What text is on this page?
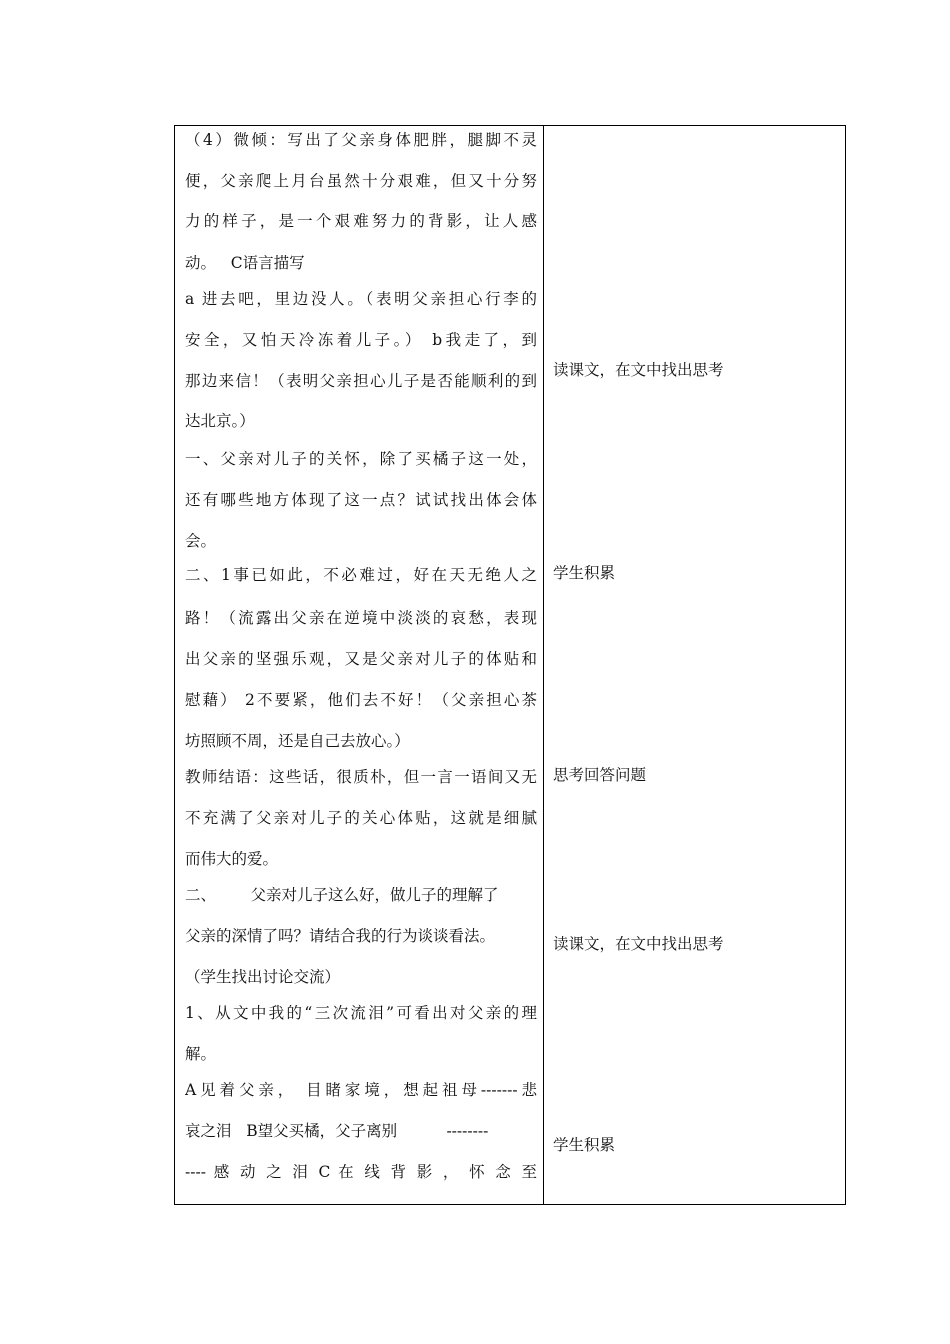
（4）微倾：写出了父亲身体肥胖，腿脚不灵
便，父亲爬上月台虽然十分艰难，但又十分努
力的样子，是一个艰难努力的背影，让人感
动。   C语言描写
a 进去吧，里边没人。（表明父亲担心行李的
安全，又怕天冷冻着儿子。） b我走了，到
那边来信！（表明父亲担心儿子是否能顺利的到
达北京。）
一、父亲对儿子的关怀，除了买橘子这一处，
还有哪些地方体现了这一点？试试找出体会体
会。
二、1事已如此，不必难过，好在天无绝人之
路！（流露出父亲在逆境中淡淡的哀愁，表现
出父亲的坚强乐观，又是父亲对儿子的体贴和
慰藉） 2不要紧，他们去不好！（父亲担心茶
坊照顾不周，还是自己去放心。）
教师结语：这些话，很质朴，但一言一语间又无
不充满了父亲对儿子的关心体贴，这就是细腻
而伟大的爱。
二、       父亲对儿子这么好，做儿子的理解了
父亲的深情了吗？请结合我的行为谈谈看法。
（学生找出讨论交流）
1、从文中我的“三次流泪”可看出对父亲的理
解。
A见着父亲， 目睹家境，想起祖母-------悲
哀之泪   B望父买橘，父子离别          --------
---- 感 动 之 泪 C 在 线 背 影 ， 怀 念 至
读课文，在文中找出思考
学生积累
思考回答问题
读课文，在文中找出思考
学生积累
